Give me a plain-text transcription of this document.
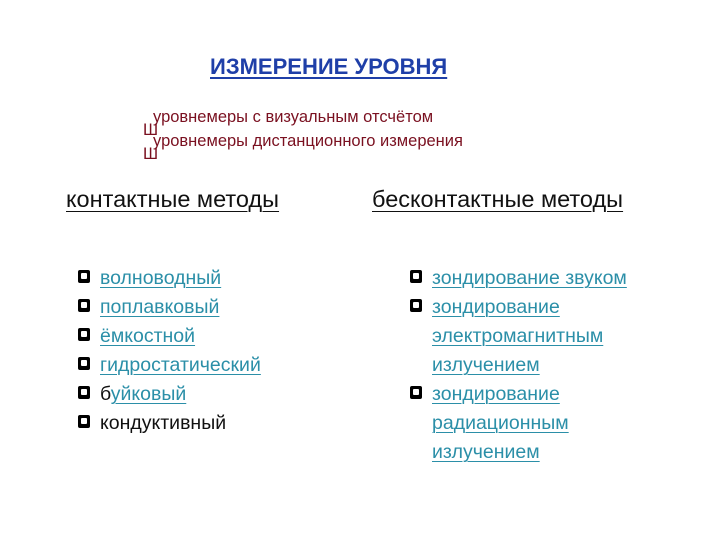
ИЗМЕРЕНИЕ УРОВНЯ
Ш
уровнемеры с визуальным отсчётом
Ш
уровнемеры дистанционного измерения
контактные методы	бесконтактные методы
волноводный
поплавковый
ёмкостной
гидростатический
буйковый
кондуктивный
зондирование звуком
зондирование
электромагнитным
излучением
зондирование
радиационным
излучением
